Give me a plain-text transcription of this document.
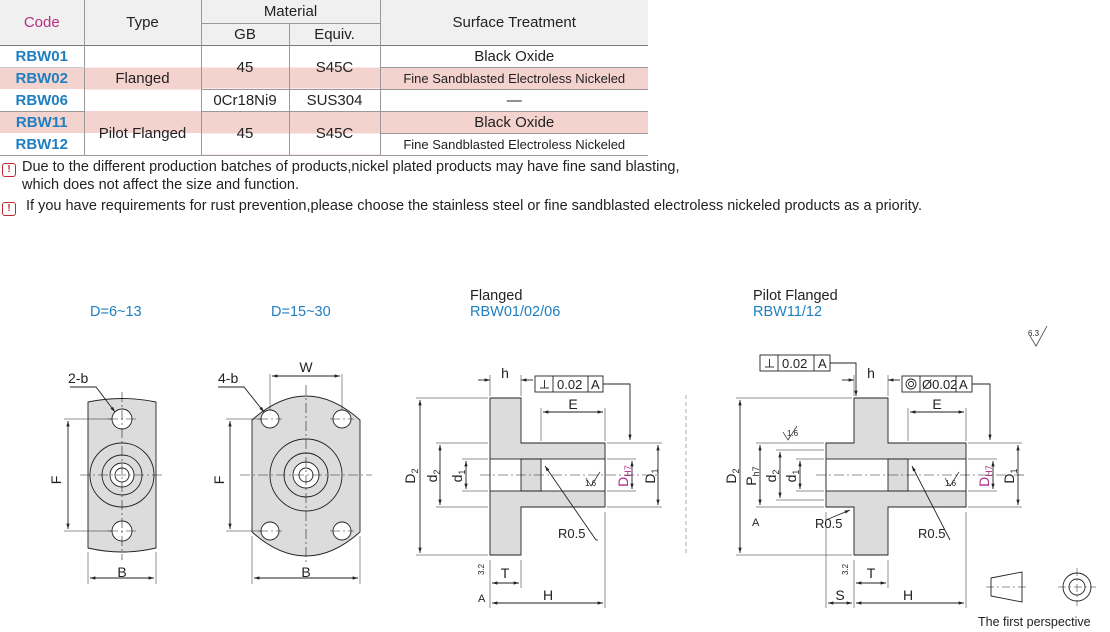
Code	Type	Material		Surface Treatment
		GB	Equiv.	
RBW01	Flanged	45	S45C	Black Oxide
RBW02				Fine Sandblasted Electroless Nickeled
RBW06		0Cr18Ni9	SUS304	—
RBW11	Pilot Flanged	45	S45C	Black Oxide
RBW12				Fine Sandblasted Electroless Nickeled
! Due to the different production batches of products,nickel plated products may have fine sand blasting,
which does not affect the size and function.
! If you have requirements for rust prevention,please choose the stainless steel or fine sandblasted electroless nickeled products as a priority.
D=6~13	D=15~30
Flanged
RBW01/02/06
Pilot Flanged
RBW11/12
2-b
F
B
4-b
W
F
B
h
E
0.02 A
$D_2$
$d_2$
$d_1$
$D_{H7}$
$D_1$
R0.5
T
H
A
1.6
3.2
h
E
0.02 A
Ø0.02 A
$D_2$
$P_{h7}$
$d_2$
$d_1$
$D_{H7}$
$D_1$
R0.5
R0.5
T
S	H
A
1.6
1.6
3.2
6.3
The first perspective
